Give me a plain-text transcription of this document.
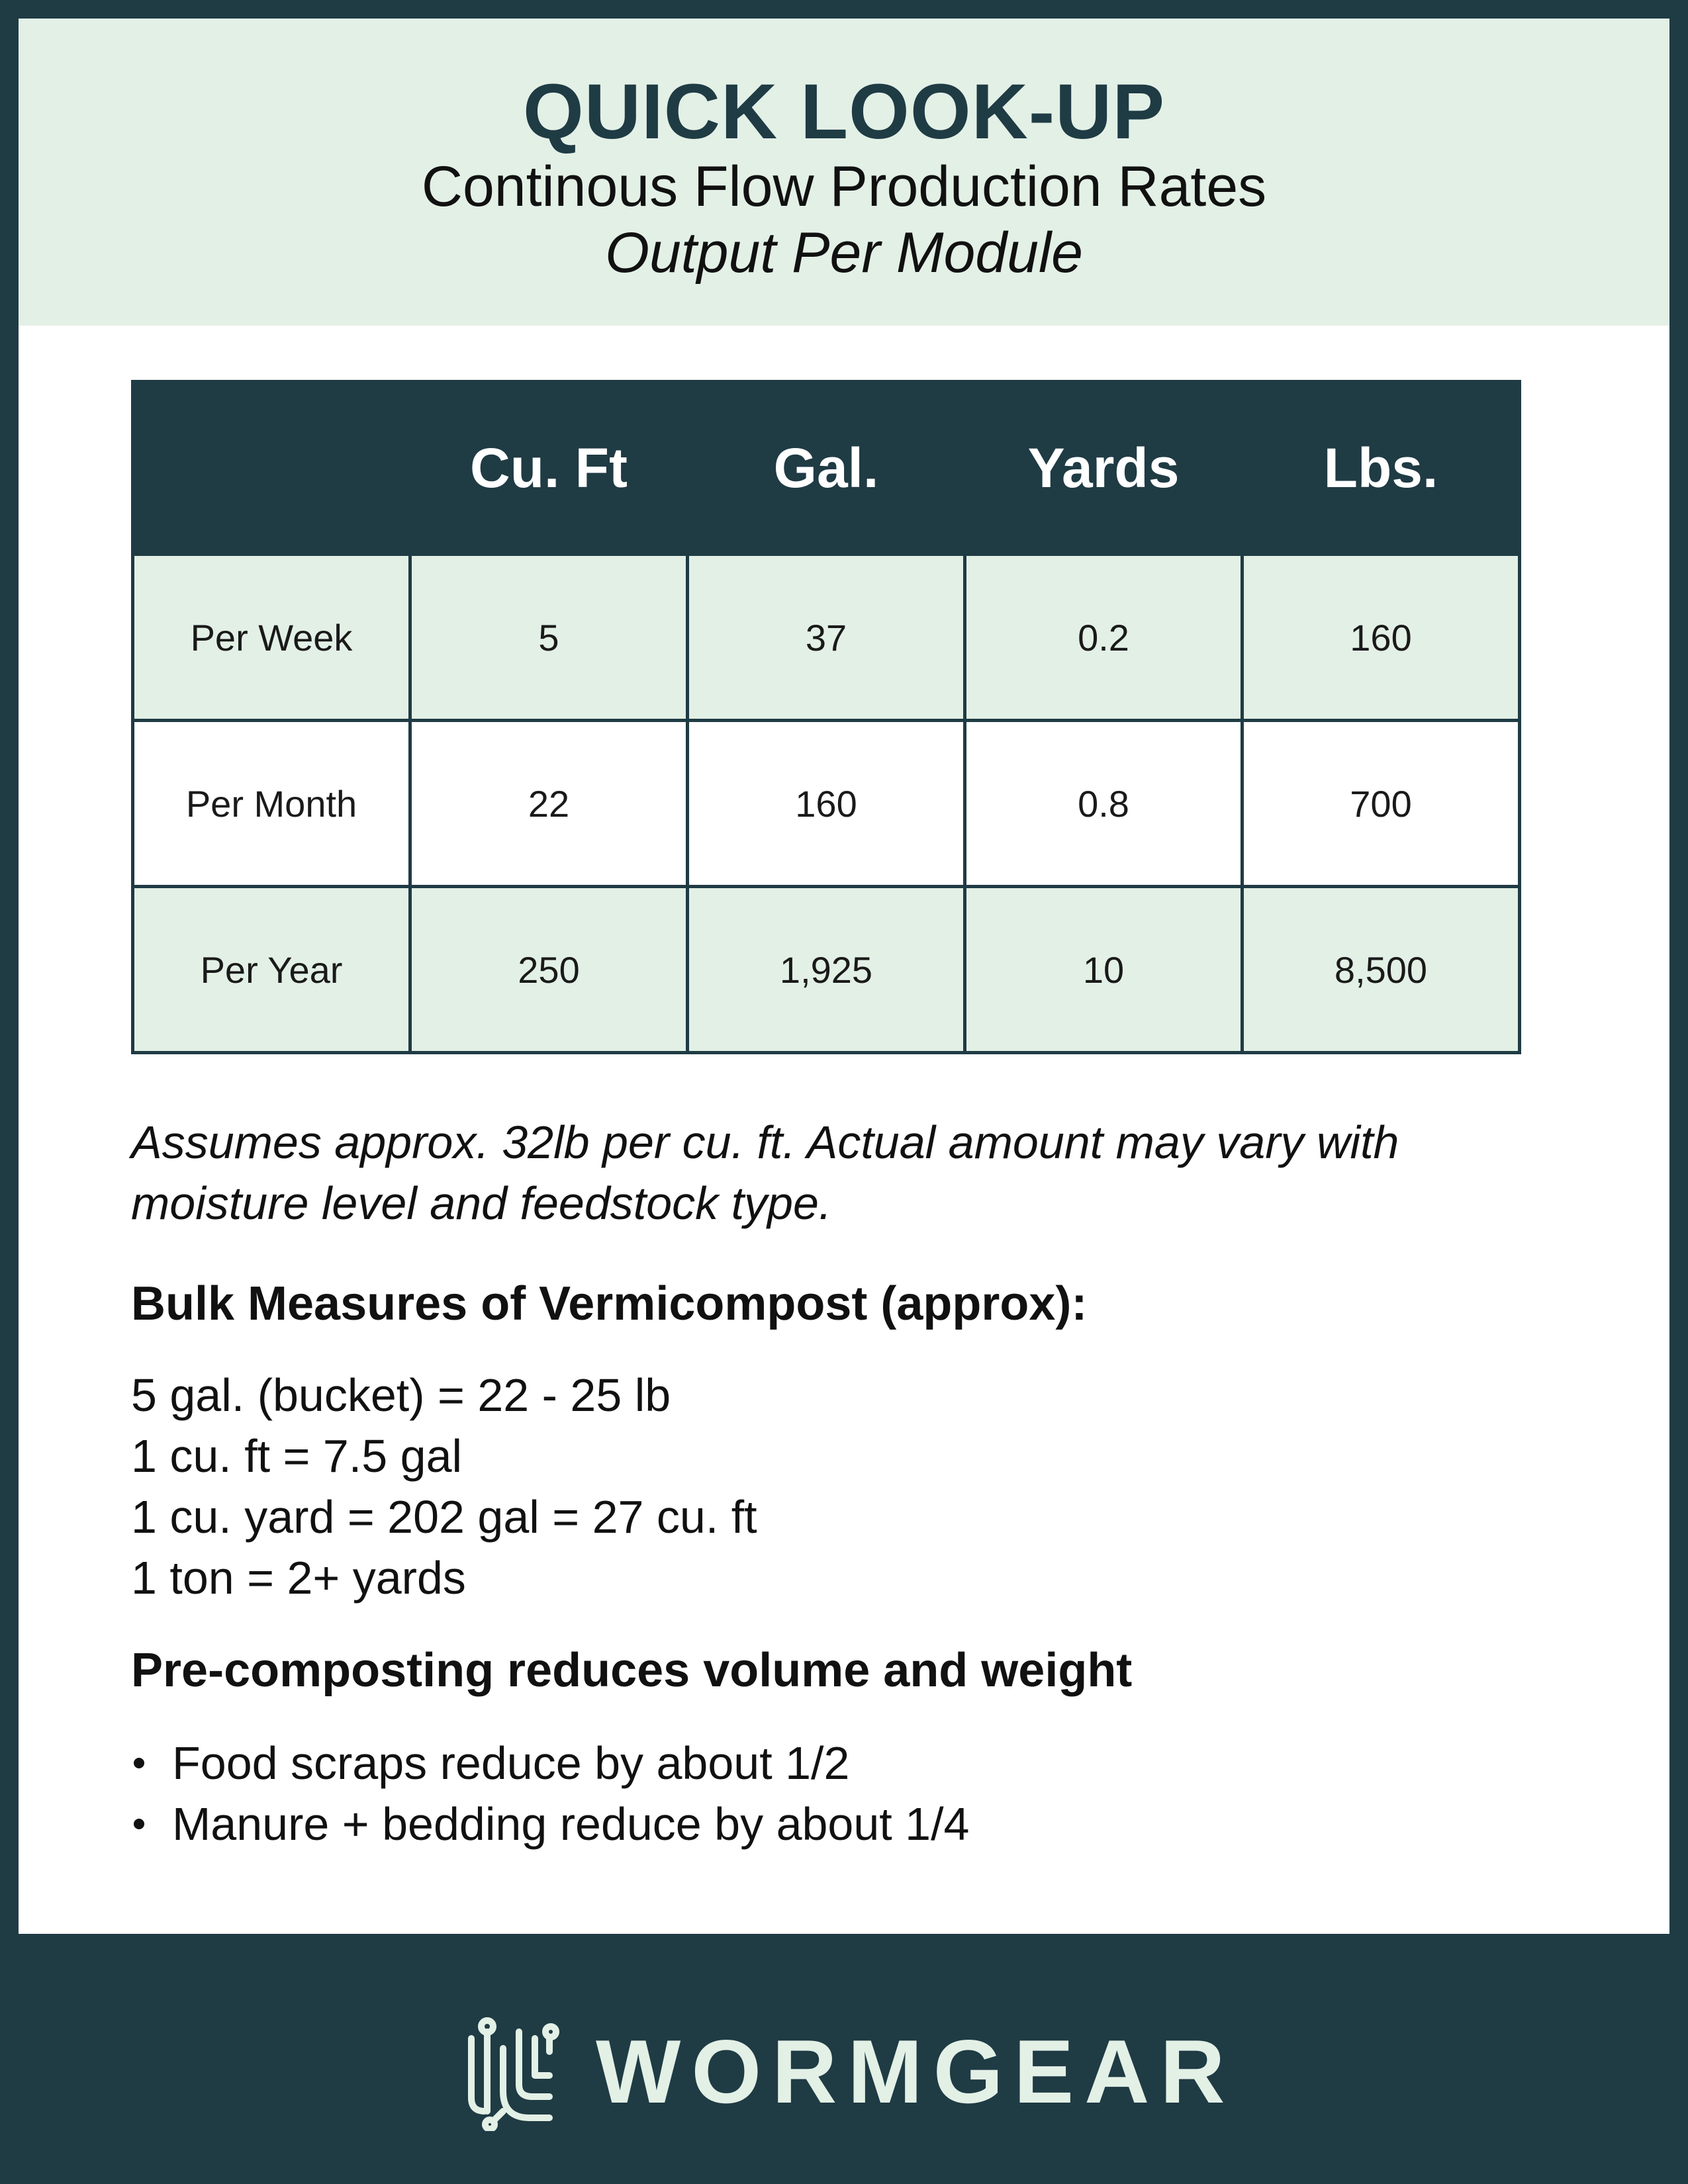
QUICK LOOK-UP
Continous Flow Production Rates
Output Per Module
	Cu. Ft	Gal.	Yards	Lbs.
Per Week	5	37	0.2	160
Per Month	22	160	0.8	700
Per Year	250	1,925	10	8,500
Assumes approx. 32lb per cu. ft. Actual amount may vary with moisture level and feedstock type.
Bulk Measures of Vermicompost (approx):
5 gal. (bucket) = 22 - 25 lb
1 cu. ft = 7.5 gal
1 cu. yard = 202 gal = 27 cu. ft
1 ton = 2+ yards
Pre-composting reduces volume and weight
Food scraps reduce by about 1/2
Manure + bedding reduce by about 1/4
WORMGEAR
